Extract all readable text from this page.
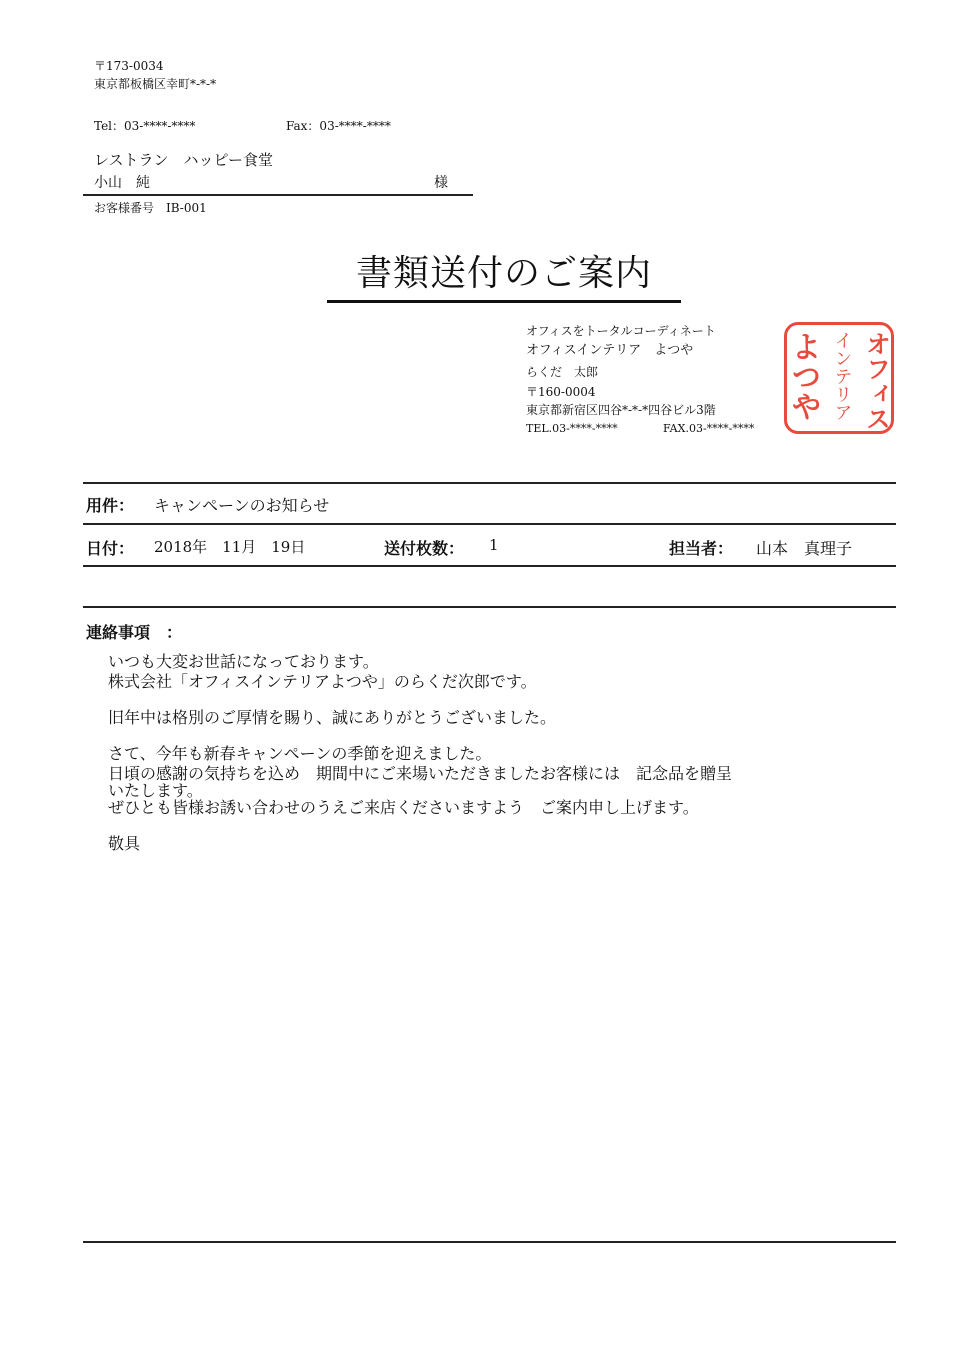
〒173-0034
東京都板橋区幸町*-*-*
Tel：03-****-****	Fax：03-****-****
レストラン　ハッピー食堂
小山　純	様
お客様番号　IB-001
書類送付のご案内
オフィスをトータルコーディネート
オフィスインテリア　よつや
らくだ　太郎
〒160-0004
東京都新宿区四谷*-*-*四谷ビル3階
TEL.03-****-****	FAX.03-****-****	オフィス
インテリア
よつや
用件： キャンペーンのお知らせ
日付： 2018年　11月　19日	送付枚数： 1	担当者： 山本　真理子
連絡事項　：
いつも大変お世話になっております。
株式会社「オフィスインテリアよつや」のらくだ次郎です。
旧年中は格別のご厚情を賜り、誠にありがとうございました。
さて、今年も新春キャンペーンの季節を迎えました。
日頃の感謝の気持ちを込め　期間中にご来場いただきましたお客様には　記念品を贈呈
いたします。
ぜひとも皆様お誘い合わせのうえご来店くださいますよう　ご案内申し上げます。
敬具
